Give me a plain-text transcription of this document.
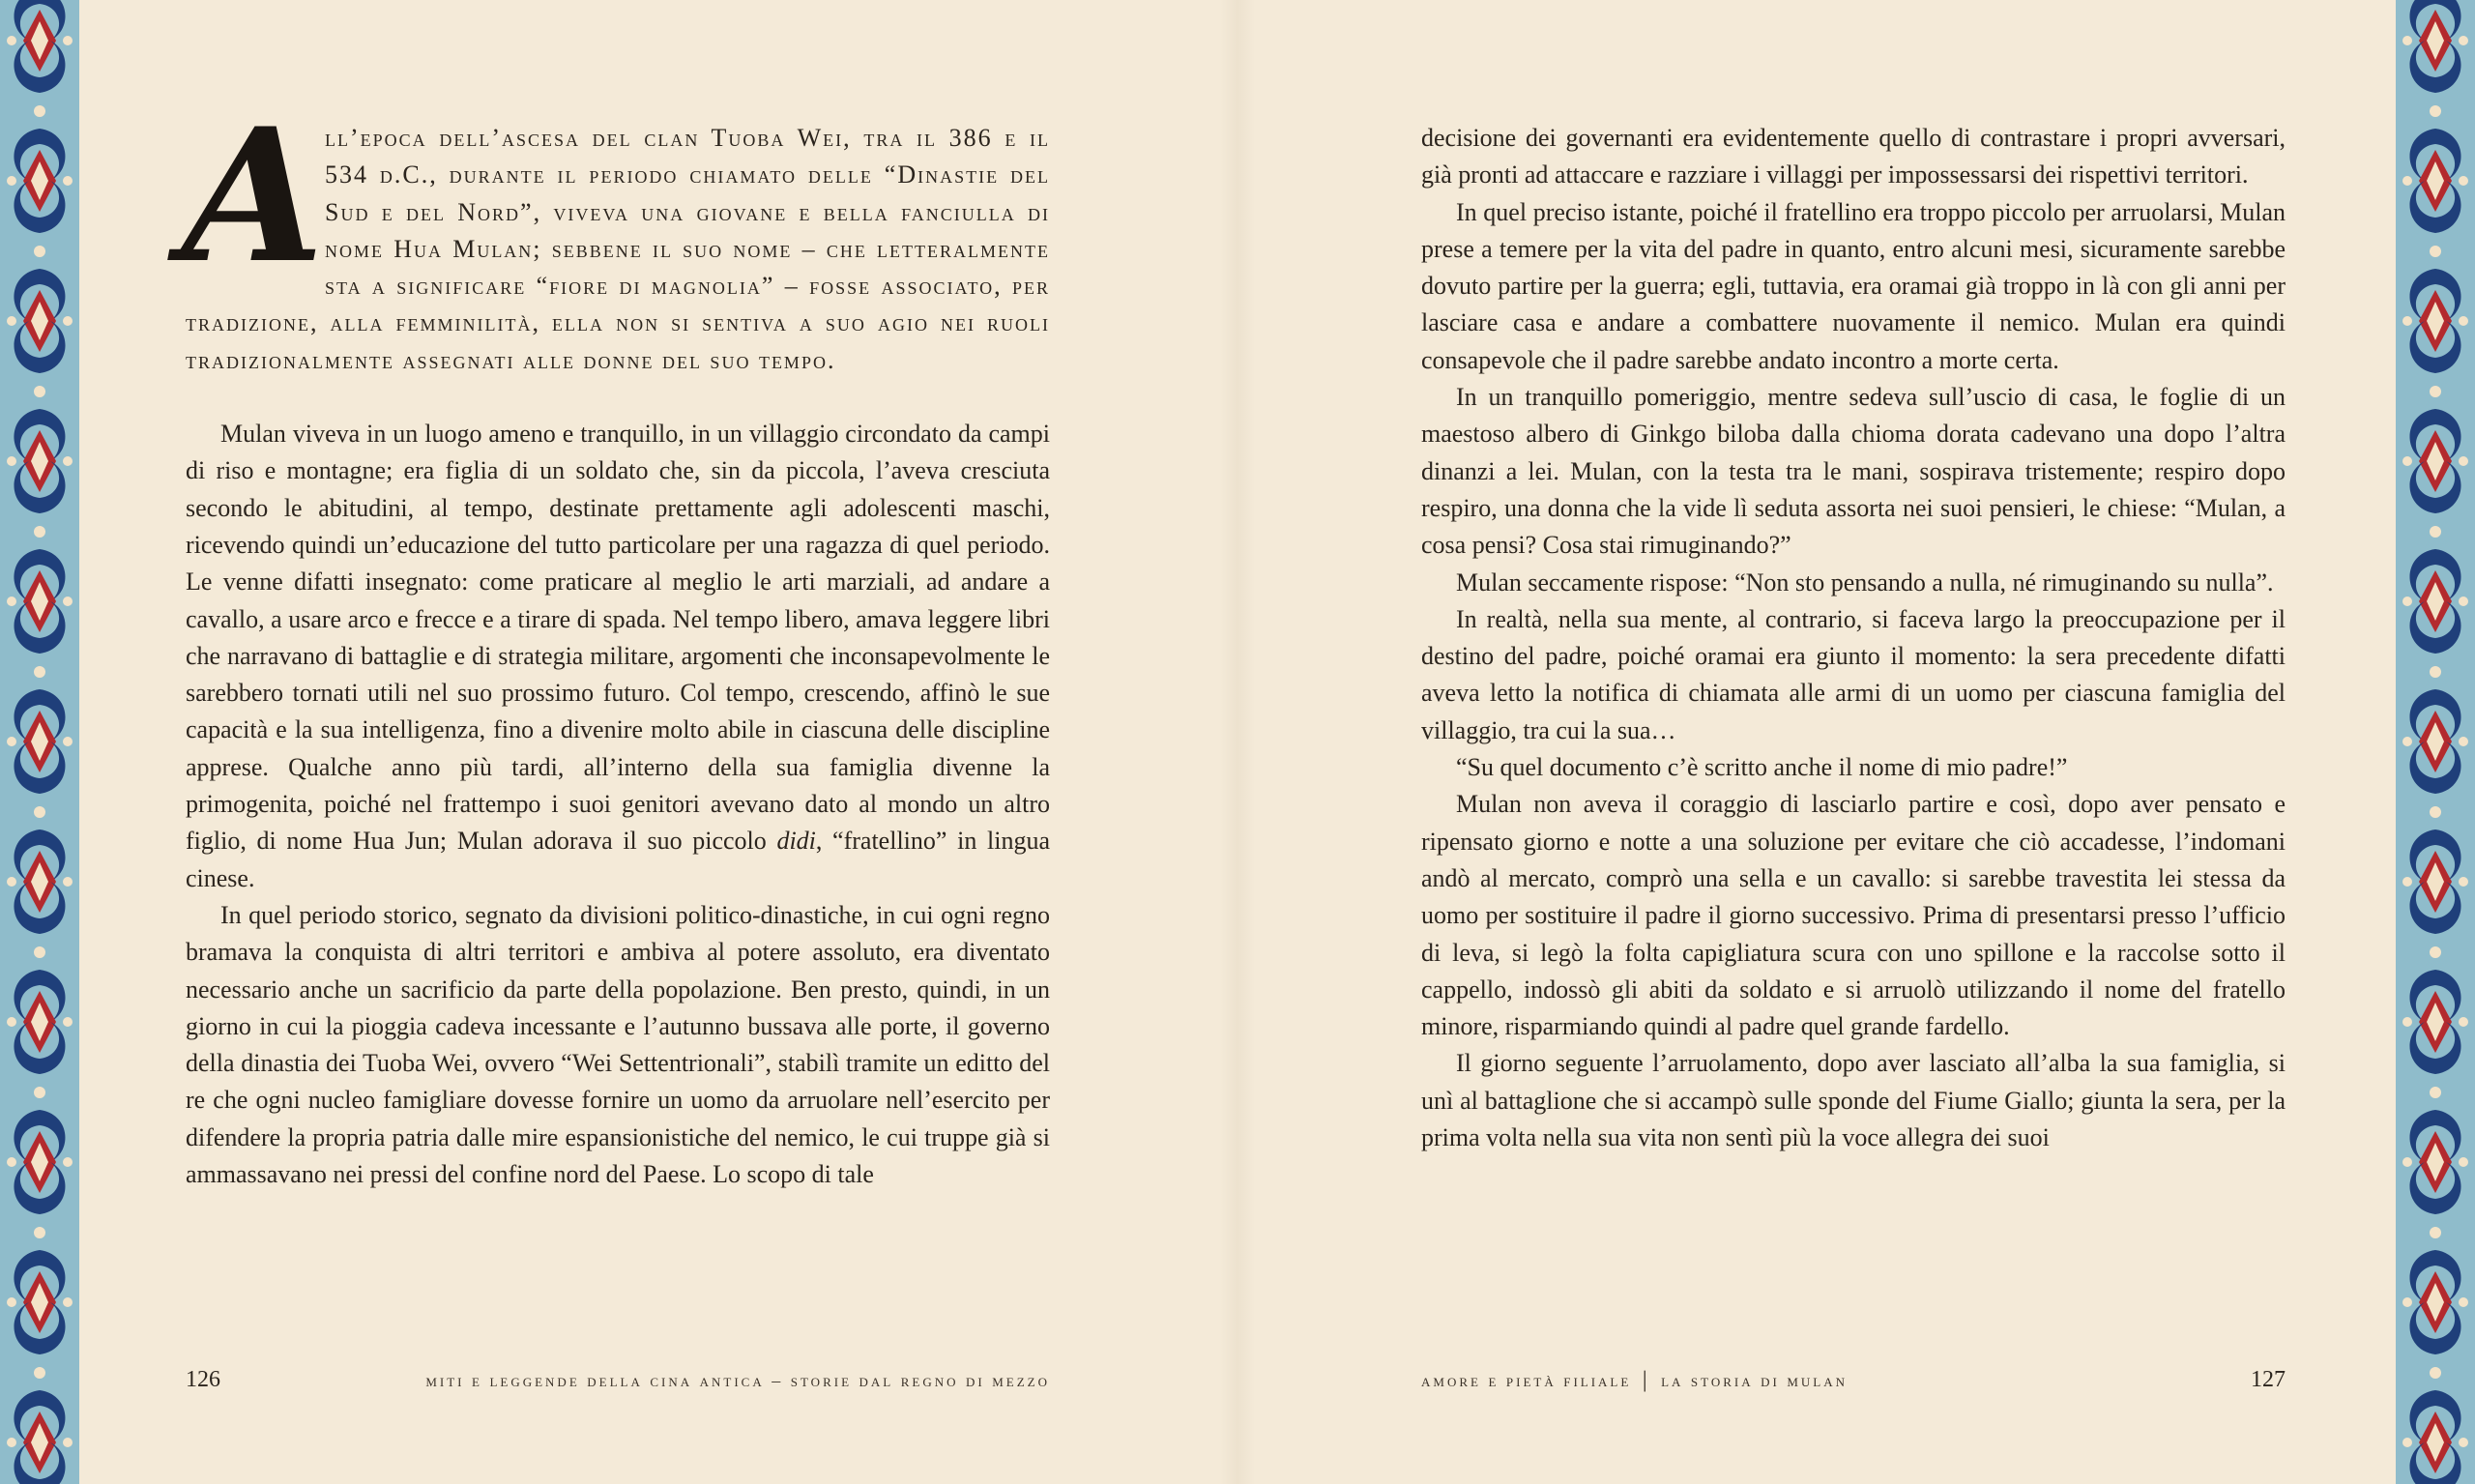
A
ll’epoca dell’ascesa del clan Tuoba Wei, tra il 386 e il 534 d.C., durante il periodo chiamato delle “Dinastie del Sud e del Nord”, viveva una giovane e bella fanciulla di nome Hua Mulan; sebbene il suo nome – che letteralmente sta a significare “fiore di magnolia” – fosse associato, per tradizione, alla femminilità, ella non si sentiva a suo agio nei ruoli tradizionalmente assegnati alle donne del suo tempo.

Mulan viveva in un luogo ameno e tranquillo, in un villaggio circondato da campi di riso e montagne; era figlia di un soldato che, sin da piccola, l’aveva cresciuta secondo le abitudini, al tempo, destinate prettamente agli adolescenti maschi, ricevendo quindi un’educazione del tutto particolare per una ragazza di quel periodo. Le venne difatti insegnato: come praticare al meglio le arti marziali, ad andare a cavallo, a usare arco e frecce e a tirare di spada. Nel tempo libero, amava leggere libri che narravano di battaglie e di strategia militare, argomenti che inconsapevolmente le sarebbero tornati utili nel suo prossimo futuro. Col tempo, crescendo, affinò le sue capacità e la sua intelligenza, fino a divenire molto abile in ciascuna delle discipline apprese. Qualche anno più tardi, all’interno della sua famiglia divenne la primogenita, poiché nel frattempo i suoi genitori avevano dato al mondo un altro figlio, di nome Hua Jun; Mulan adorava il suo piccolo didi, “fratellino” in lingua cinese.

In quel periodo storico, segnato da divisioni politico-dinastiche, in cui ogni regno bramava la conquista di altri territori e ambiva al potere assoluto, era diventato necessario anche un sacrificio da parte della popolazione. Ben presto, quindi, in un giorno in cui la pioggia cadeva incessante e l’autunno bussava alle porte, il governo della dinastia dei Tuoba Wei, ovvero “Wei Settentrionali”, stabilì tramite un editto del re che ogni nucleo famigliare dovesse fornire un uomo da arruolare nell’esercito per difendere la propria patria dalle mire espansionistiche del nemico, le cui truppe già si ammassavano nei pressi del confine nord del Paese. Lo scopo di tale

126	miti e leggende della cina antica – storie dal regno di mezzo

decisione dei governanti era evidentemente quello di contrastare i propri avversari, già pronti ad attaccare e razziare i villaggi per impossessarsi dei rispettivi territori.

In quel preciso istante, poiché il fratellino era troppo piccolo per arruolarsi, Mulan prese a temere per la vita del padre in quanto, entro alcuni mesi, sicuramente sarebbe dovuto partire per la guerra; egli, tuttavia, era oramai già troppo in là con gli anni per lasciare casa e andare a combattere nuovamente il nemico. Mulan era quindi consapevole che il padre sarebbe andato incontro a morte certa.

In un tranquillo pomeriggio, mentre sedeva sull’uscio di casa, le foglie di un maestoso albero di Ginkgo biloba dalla chioma dorata cadevano una dopo l’altra dinanzi a lei. Mulan, con la testa tra le mani, sospirava tristemente; respiro dopo respiro, una donna che la vide lì seduta assorta nei suoi pensieri, le chiese: “Mulan, a cosa pensi? Cosa stai rimuginando?”

Mulan seccamente rispose: “Non sto pensando a nulla, né rimuginando su nulla”.

In realtà, nella sua mente, al contrario, si faceva largo la preoccupazione per il destino del padre, poiché oramai era giunto il momento: la sera precedente difatti aveva letto la notifica di chiamata alle armi di un uomo per ciascuna famiglia del villaggio, tra cui la sua…

“Su quel documento c’è scritto anche il nome di mio padre!”

Mulan non aveva il coraggio di lasciarlo partire e così, dopo aver pensato e ripensato giorno e notte a una soluzione per evitare che ciò accadesse, l’indomani andò al mercato, comprò una sella e un cavallo: si sarebbe travestita lei stessa da uomo per sostituire il padre il giorno successivo. Prima di presentarsi presso l’ufficio di leva, si legò la folta capigliatura scura con uno spillone e la raccolse sotto il cappello, indossò gli abiti da soldato e si arruolò utilizzando il nome del fratello minore, risparmiando quindi al padre quel grande fardello.

Il giorno seguente l’arruolamento, dopo aver lasciato all’alba la sua famiglia, si unì al battaglione che si accampò sulle sponde del Fiume Giallo; giunta la sera, per la prima volta nella sua vita non sentì più la voce allegra dei suoi

amore e pietà filiale │ la storia di mulan	127
